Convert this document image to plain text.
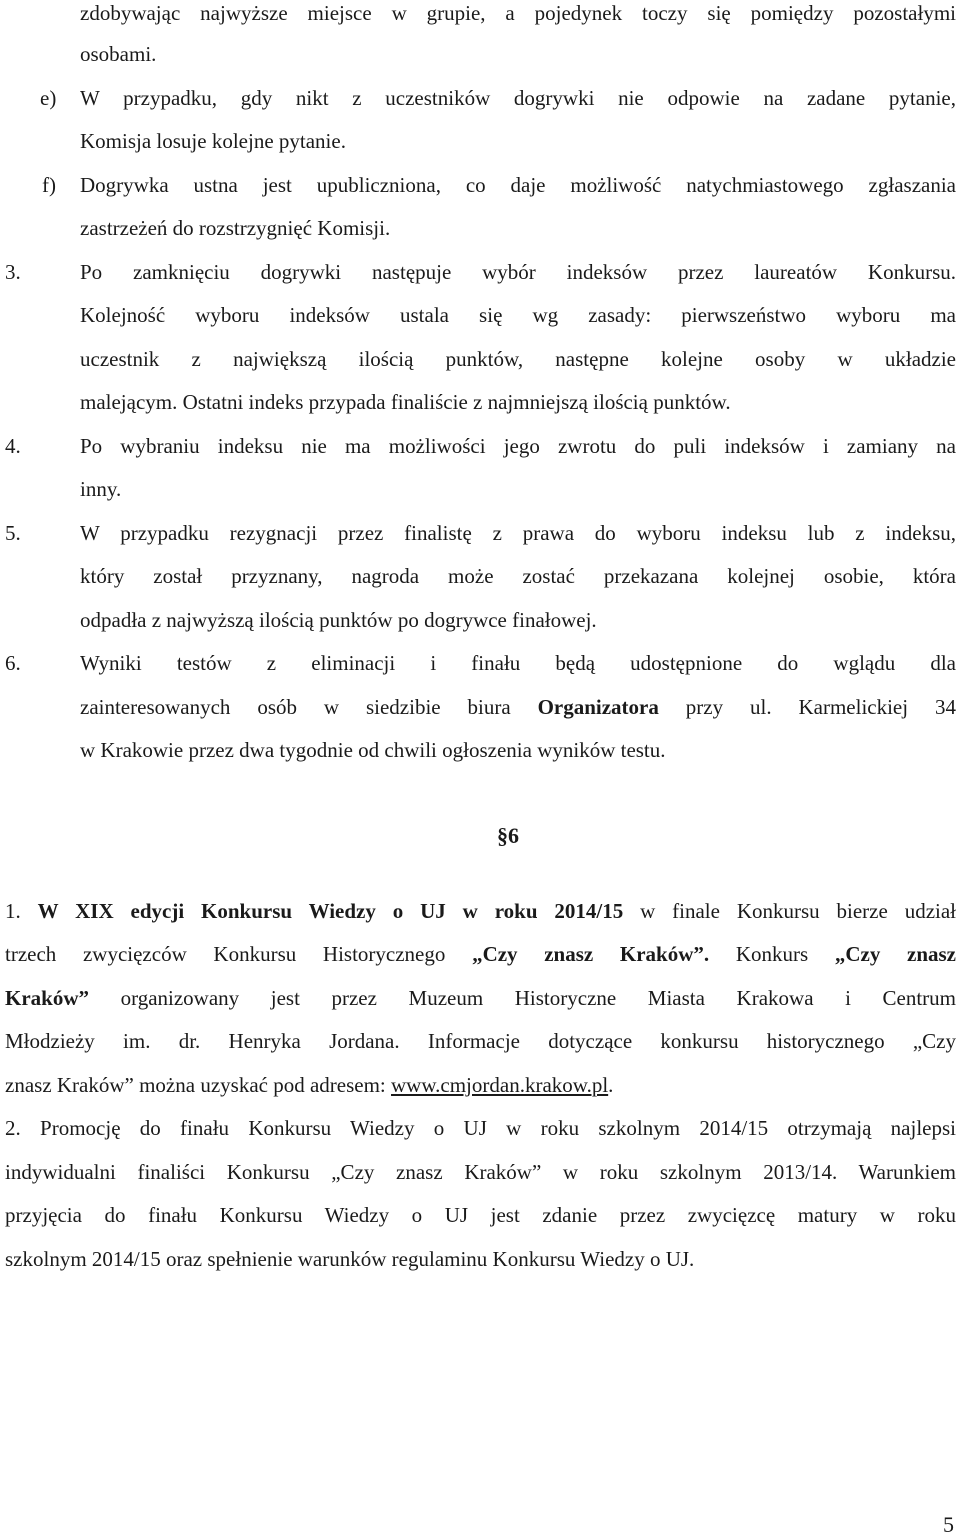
zdobywając najwyższe miejsce w grupie, a pojedynek toczy się pomiędzy pozostałymi
osobami.
e) W przypadku, gdy nikt z uczestników dogrywki nie odpowie na zadane pytanie,
Komisja losuje kolejne pytanie.
f) Dogrywka ustna jest upubliczniona, co daje możliwość natychmiastowego zgłaszania
zastrzeżeń do rozstrzygnięć Komisji.
3.	Po zamknięciu dogrywki następuje wybór indeksów przez laureatów Konkursu.
Kolejność wyboru indeksów ustala się wg zasady: pierwszeństwo wyboru ma
uczestnik z największą ilością punktów, następne kolejne osoby w układzie
malejącym. Ostatni indeks przypada finaliście z najmniejszą ilością punktów.
4.	Po wybraniu indeksu nie ma możliwości jego zwrotu do puli indeksów i zamiany na
inny.
5.	W przypadku rezygnacji przez finalistę z prawa do wyboru indeksu lub z indeksu,
który został przyznany, nagroda może zostać przekazana kolejnej osobie, która
odpadła z najwyższą ilością punktów po dogrywce finałowej.
6.	Wyniki testów z eliminacji i finału będą udostępnione do wglądu dla
zainteresowanych osób w siedzibie biura Organizatora przy ul. Karmelickiej 34
w Krakowie przez dwa tygodnie od chwili ogłoszenia wyników testu.
§6
1. W XIX edycji Konkursu Wiedzy o UJ w roku 2014/15 w finale Konkursu bierze udział
trzech zwycięzców Konkursu Historycznego „Czy znasz Kraków”. Konkurs „Czy znasz
Kraków” organizowany jest przez Muzeum Historyczne Miasta Krakowa i Centrum
Młodzieży im. dr. Henryka Jordana. Informacje dotyczące konkursu historycznego „Czy
znasz Kraków” można uzyskać pod adresem: www.cmjordan.krakow.pl.
2. Promocję do finału Konkursu Wiedzy o UJ w roku szkolnym 2014/15 otrzymają najlepsi
indywidualni finaliści Konkursu „Czy znasz Kraków” w roku szkolnym 2013/14. Warunkiem
przyjęcia do finału Konkursu Wiedzy o UJ jest zdanie przez zwycięzcę matury w roku
szkolnym 2014/15 oraz spełnienie warunków regulaminu Konkursu Wiedzy o UJ.
5
